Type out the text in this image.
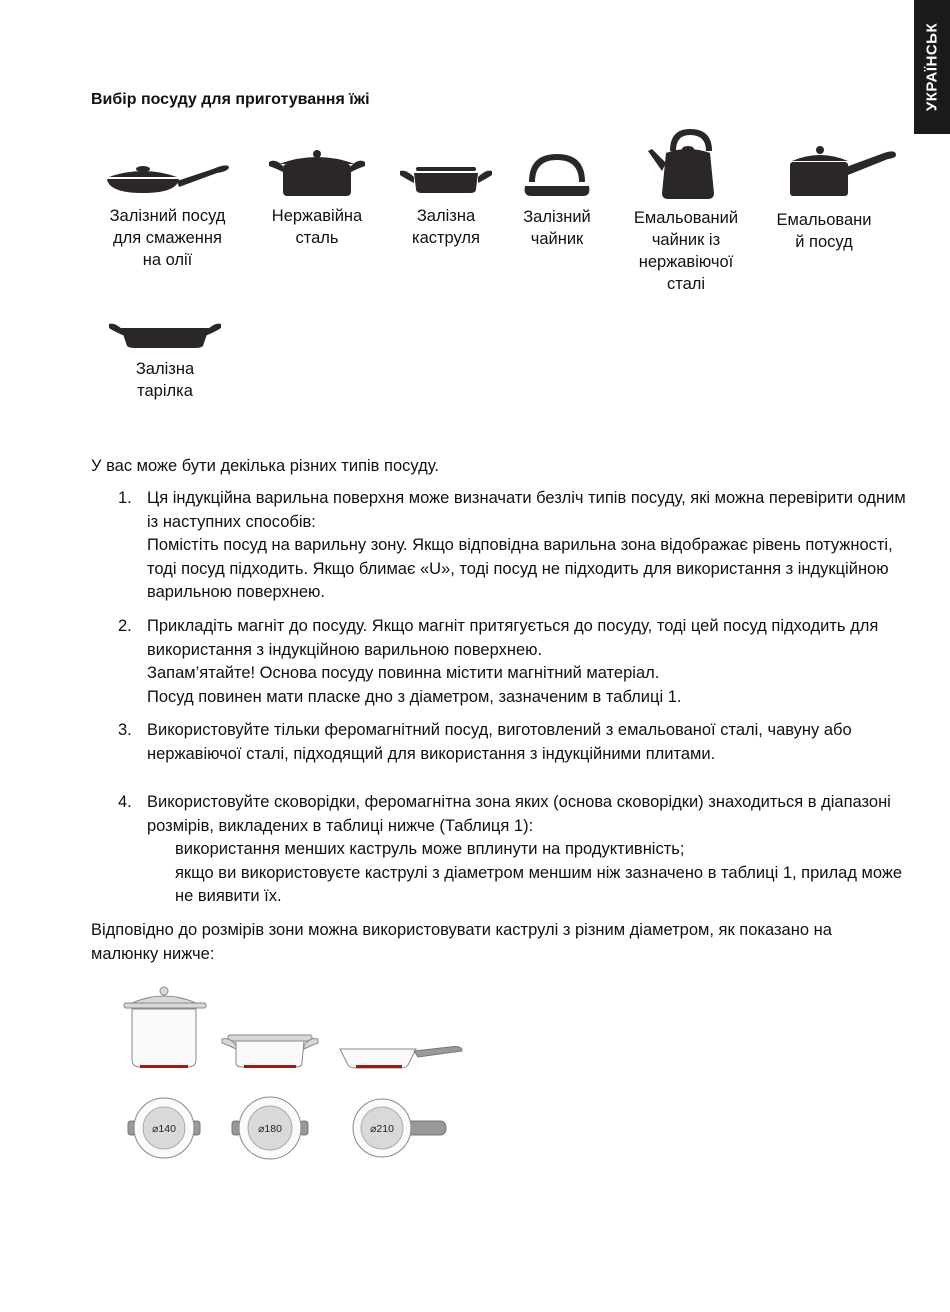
УКРАЇНСЬК
Вибір посуду для приготування їжі
Залізний посуд
для смаження
на олії
Нержавійна
сталь
Залізна
каструля
Залізний
чайник
Емальований
чайник із
нержавіючої
сталі
Емальовани
й посуд
Залізна
тарілка
У вас може бути декілька різних типів посуду.
1. Ця індукційна варильна поверхня може визначати безліч типів посуду, які можна перевірити одним із наступних способів:
Помістіть посуд на варильну зону. Якщо відповідна варильна зона відображає рівень потужності, тоді посуд підходить. Якщо блимає «U», тоді посуд не підходить для використання з індукційною варильною поверхнею.
2. Прикладіть магніт до посуду. Якщо магніт притягується до посуду, тоді цей посуд підходить для використання з індукційною варильною поверхнею.
Запам’ятайте! Основа посуду повинна містити магнітний матеріал.
Посуд повинен мати пласке дно з діаметром, зазначеним в таблиці 1.
3. Використовуйте тільки феромагнітний посуд, виготовлений з емальованої сталі, чавуну або нержавіючої сталі, підходящий для використання з індукційними плитами.
4. Використовуйте сковорідки, феромагнітна зона яких (основа сковорідки) знаходиться в діапазоні розмірів, викладених в таблиці нижче (Таблиця 1):
використання менших каструль може вплинути на продуктивність;
якщо ви використовуєте каструлі з діаметром меншим ніж зазначено в таблиці 1, прилад може не виявити їх.
Відповідно до розмірів зони можна використовувати каструлі з різним діаметром, як показано на малюнку нижче:
⌀140	⌀180	⌀210
